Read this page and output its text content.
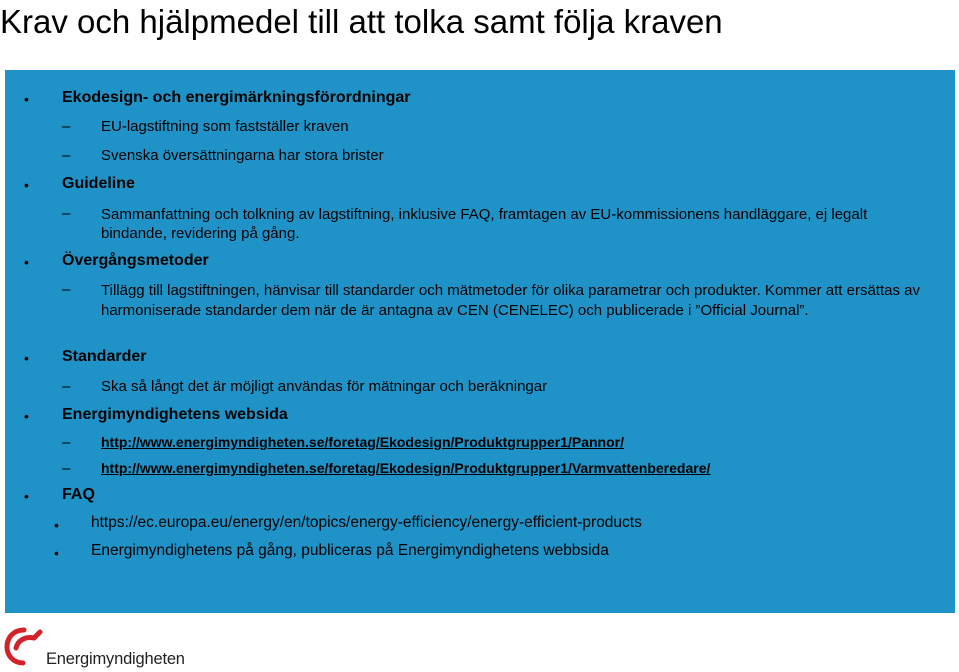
Krav och hjälpmedel till att tolka samt följa kraven
• Ekodesign- och energimärkningsförordningar
– EU-lagstiftning som fastställer kraven
– Svenska översättningarna har stora brister
• Guideline
– Sammanfattning och tolkning av lagstiftning, inklusive FAQ, framtagen av EU-kommissionens handläggare, ej legalt bindande, revidering på gång.
• Övergångsmetoder
– Tillägg till lagstiftningen, hänvisar till standarder och mätmetoder för olika parametrar och produkter. Kommer att ersättas av harmoniserade standarder dem när de är antagna av CEN (CENELEC) och publicerade i ”Official Journal”.
• Standarder
– Ska så långt det är möjligt användas för mätningar och beräkningar
• Energimyndighetens websida
– http://www.energimyndigheten.se/foretag/Ekodesign/Produktgrupper1/Pannor/
– http://www.energimyndigheten.se/foretag/Ekodesign/Produktgrupper1/Varmvattenberedare/
• FAQ
• https://ec.europa.eu/energy/en/topics/energy-efficiency/energy-efficient-products
• Energimyndighetens på gång, publiceras på Energimyndighetens webbsida
Energimyndigheten
